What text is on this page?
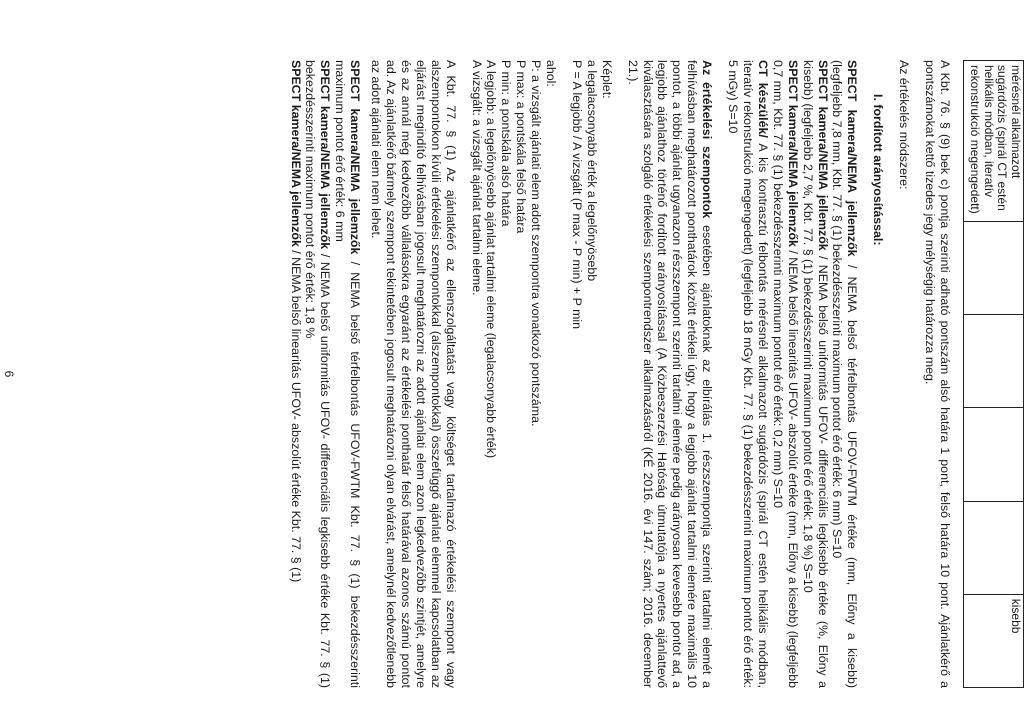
mérésnél alkalmazott sugárdózis (spirál CT estén helikális módban, iteratív rekonstrukció megengedett)					kisebb

A Kbt. 76. § (9) bek c) pontja szerinti adható pontszám alsó határa 1 pont, felső határa 10 pont. Ajánlatkérő a pontszámokat kettő tizedes jegy mélységig határozza meg.

Az értékelés módszere:

I. fordított arányosítással:

SPECT kamera/NEMA jellemzők / NEMA belső térfelbontás UFOV-FWTM értéke (mm, Előny a kisebb) (legfeljebb 7,8 mm, Kbt. 77. § (1) bekezdésszerinti maximum pontot érő érték: 6 mm) S=10

SPECT kamera/NEMA jellemzők / NEMA belső uniformitás UFOV- differenciális legkisebb értéke (%, Előny a kisebb) (legfeljebb 2,7 %, Kbt. 77. § (1) bekezdésszerinti maximum pontot érő érték: 1,8 %) S=10

SPECT kamera/NEMA jellemzők / NEMA belső linearitás UFOV- abszolút értéke (mm, Előny a kisebb) (legfeljebb 0,7 mm, Kbt. 77. § (1) bekezdésszerinti maximum pontot érő érték: 0,2 mm) S=10

CT készülék/ A kis kontrasztú felbontás mérésnél alkalmazott sugárdózis (spirál CT estén helikális módban, iteratív rekonstrukció megengedett) (legfeljebb 18 mGy Kbt. 77. § (1) bekezdésszerinti maximum pontot érő érték: 5 mGy) S=10

Az értékelési szempontok esetében ajánlatoknak az elbírálás 1. részszempontja szerinti tartalmi elemét a felhívásban meghatározott ponthatárok között értékeli úgy, hogy a legjobb ajánlat tartalmi elemére maximális 10 pontot, a többi ajánlat ugyanazon részszempont szerinti tartalmi elemére pedig arányosan kevesebb pontot ad, a legjobb ajánlathoz történő fordított arányosítással (A Közbeszerzési Hatóság útmutatója a nyertes ajánlattevő kiválasztására szolgáló értékelési szempontrendszer alkalmazásáról (KÉ 2016. évi 147. szám; 2016. december 21.).

Képlet:

a legalacsonyabb érték a legelőnyösebb

P = A legjobb / A vizsgált (P max - P min) + P min

ahol:

P: a vizsgált ajánlati elem adott szempontra vonatkozó pontszáma.

P max: a pontskála felső határa

P min: a pontskála alsó határa

A legjobb: a legelőnyösebb ajánlat tartalmi eleme (legalacsonyabb érték)

A vizsgált: a vizsgált ajánlat tartalmi eleme.

A Kbt. 77. § (1) Az ajánlatkérő az ellenszolgáltatást vagy költséget tartalmazó értékelési szempont vagy alszempontokon kívüli értékelési szempontokkal (alszempontokkal) összefüggő ajánlati elemmel kapcsolatban az eljárást megindító felhívásban jogosult meghatározni az adott ajánlati elem azon legkedvezőbb szintjét, amelyre és az annál még kedvezőbb vállalásokra egyaránt az értékelési ponthatár felső határával azonos számú pontot ad. Az ajánlatkérő bármely szempont tekintetében jogosult meghatározni olyan elvárást, amelynél kedvezőtlenebb az adott ajánlati elem nem lehet.

SPECT kamera/NEMA jellemzők / NEMA belső térfelbontás UFOV-FWTM Kbt. 77. § (1) bekezdésszerinti maximum pontot érő érték: 6 mm

SPECT kamera/NEMA jellemzők / NEMA belső uniformitás UFOV- differenciális legkisebb értéke Kbt. 77. § (1) bekezdésszerinti maximum pontot érő érték: 1,8 %

SPECT kamera/NEMA jellemzők / NEMA belső linearitás UFOV- abszolút értéke Kbt. 77. § (1)

6
